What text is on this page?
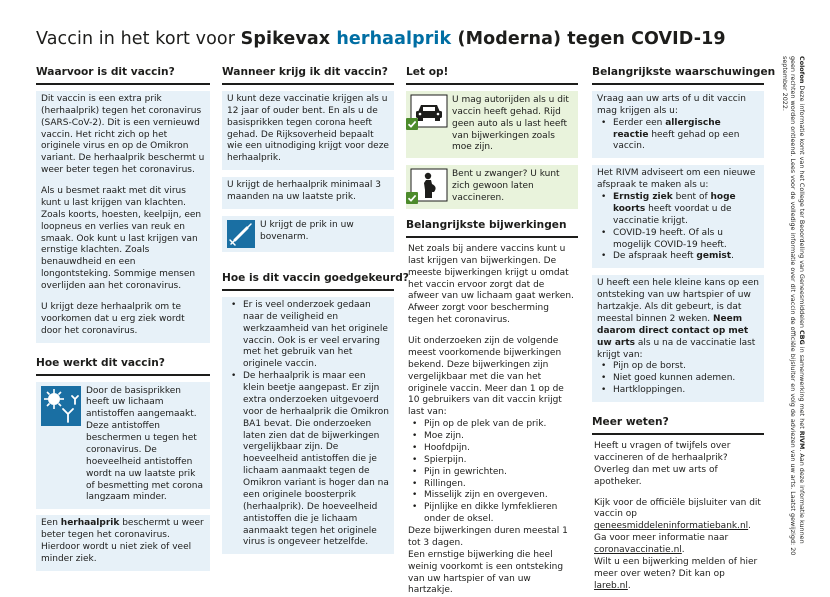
Vaccin in het kort voor Spikevax herhaalprik (Moderna) tegen COVID-19
Waarvoor is dit vaccin?

Dit vaccin is een extra prik (herhaalprik) tegen het coronavirus (SARS-CoV-2). Dit is een vernieuwd vaccin. Het richt zich op het originele virus en op de Omikron variant. De herhaalprik beschermt u weer beter tegen het coronavirus.

Als u besmet raakt met dit virus kunt u last krijgen van klachten. Zoals koorts, hoesten, keelpijn, een loopneus en verlies van reuk en smaak. Ook kunt u last krijgen van ernstige klachten. Zoals benauwdheid en een longontsteking. Sommige mensen overlijden aan het coronavirus.

U krijgt deze herhaalprik om te voorkomen dat u erg ziek wordt door het coronavirus.

Hoe werkt dit vaccin?

Door de basisprikken heeft uw lichaam antistoffen aangemaakt. Deze antistoffen beschermen u tegen het coronavirus. De hoeveelheid antistoffen wordt na uw laatste prik of besmetting met corona langzaam minder.

Een herhaalprik beschermt u weer beter tegen het coronavirus. Hierdoor wordt u niet ziek of veel minder ziek.

Wanneer krijg ik dit vaccin?

U kunt deze vaccinatie krijgen als u 12 jaar of ouder bent. En als u de basisprikken tegen corona heeft gehad. De Rijksoverheid bepaalt wie een uitnodiging krijgt voor deze herhaalprik.

U krijgt de herhaalprik minimaal 3 maanden na uw laatste prik.

U krijgt de prik in uw bovenarm.

Hoe is dit vaccin goedgekeurd?
• Er is veel onderzoek gedaan naar de veiligheid en werkzaamheid van het originele vaccin. Ook is er veel ervaring met het gebruik van het originele vaccin.
• De herhaalprik is maar een klein beetje aangepast. Er zijn extra onderzoeken uitgevoerd voor de herhaalprik die Omikron BA1 bevat. Die onderzoeken laten zien dat de bijwerkingen vergelijkbaar zijn. De hoeveelheid antistoffen die je lichaam aanmaakt tegen de Omikron variant is hoger dan na een originele boosterprik (herhaalprik). De hoeveelheid antistoffen die je lichaam aanmaakt tegen het originele virus is ongeveer hetzelfde.
Let op!

U mag autorijden als u dit vaccin heeft gehad. Rijd geen auto als u last heeft van bijwerkingen zoals moe zijn.

Bent u zwanger? U kunt zich gewoon laten vaccineren.

Belangrijkste bijwerkingen

Net zoals bij andere vaccins kunt u last krijgen van bijwerkingen. De meeste bijwerkingen krijgt u omdat het vaccin ervoor zorgt dat de afweer van uw lichaam gaat werken. Afweer zorgt voor bescherming tegen het coronavirus.

Uit onderzoeken zijn de volgende meest voorkomende bijwerkingen bekend. Deze bijwerkingen zijn vergelijkbaar met die van het originele vaccin. Meer dan 1 op de 10 gebruikers van dit vaccin krijgt last van:

• Pijn op de plek van de prik.
• Moe zijn.
• Hoofdpijn.
• Spierpijn.
• Pijn in gewrichten.
• Rillingen.
• Misselijk zijn en overgeven.
• Pijnlijke en dikke lymfeklieren onder de oksel.

Deze bijwerkingen duren meestal 1 tot 3 dagen.

Een ernstige bijwerking die heel weinig voorkomt is een ontsteking van uw hartspier of van uw hartzakje.

Belangrijkste waarschuwingen

Vraag aan uw arts of u dit vaccin mag krijgen als u:

• Eerder een allergische reactie heeft gehad op een vaccin.

Het RIVM adviseert om een nieuwe afspraak te maken als u:

• Ernstig ziek bent of hoge koorts heeft voordat u de vaccinatie krijgt.
• COVID-19 heeft. Of als u mogelijk COVID-19 heeft.
• De afspraak heeft gemist.

U heeft een hele kleine kans op een ontsteking van uw hartspier of uw hartzakje. Als dit gebeurt, is dat meestal binnen 2 weken. Neem daarom direct contact op met uw arts als u na de vaccinatie last krijgt van:

• Pijn op de borst.
• Niet goed kunnen ademen.
• Hartkloppingen.
Meer weten?

Heeft u vragen of twijfels over vaccineren of de herhaalprik? Overleg dan met uw arts of apotheker.

Kijk voor de officiële bijsluiter van dit vaccin op geneesmiddeleninformatiebank.nl.

Ga voor meer informatie naar coronavaccinatie.nl.

Wilt u een bijwerking melden of hier meer over weten? Dit kan op lareb.nl.

Colofon Deze informatie komt van het College ter Beoordeling van Geneesmiddelen CBG in samenwerking met het RIVM. Aan deze informatie kunnen geen rechten worden ontleend. Lees voor de volledige informatie over dit vaccin de officiële bijsluiter en volg de adviezen van uw arts. Laatst gewijzigd: 20 september 2022.
